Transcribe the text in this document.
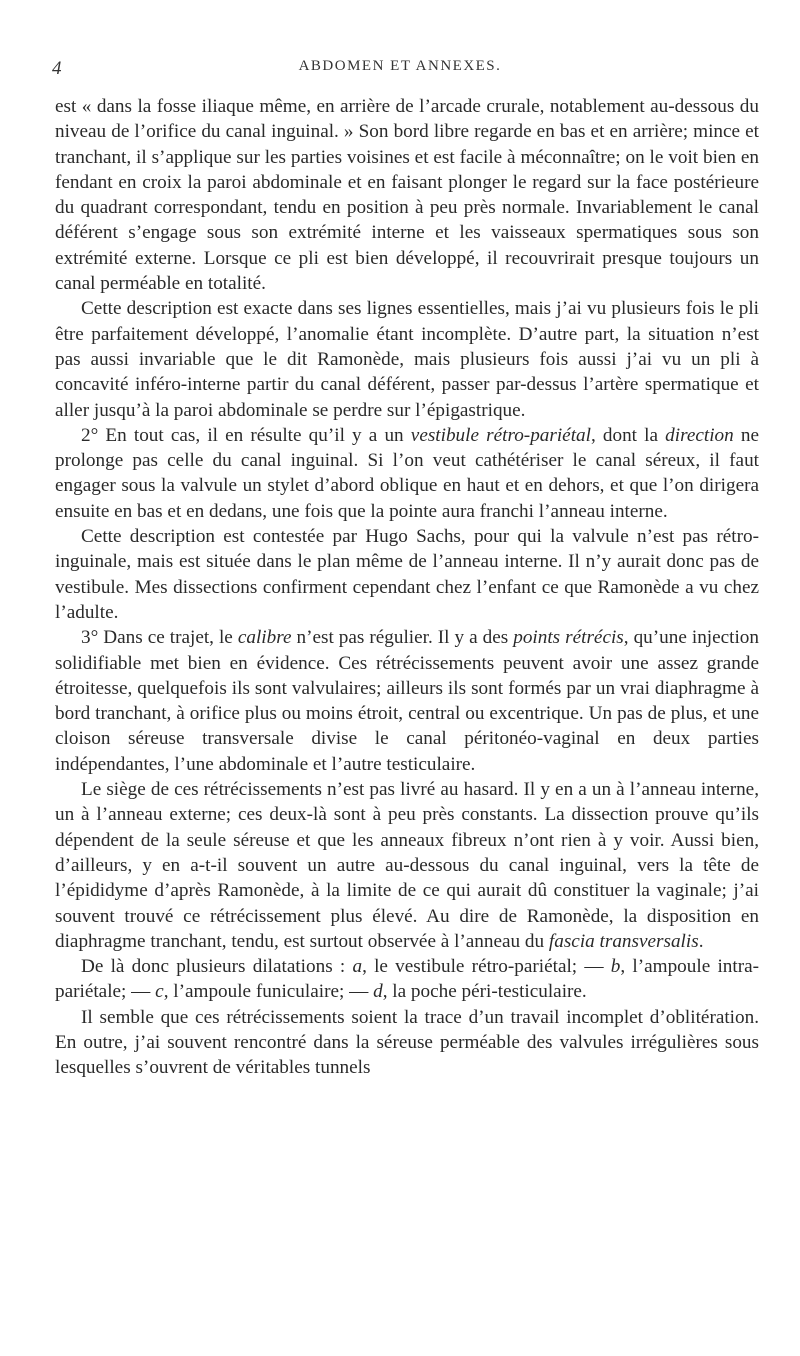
4	ABDOMEN ET ANNEXES.

est « dans la fosse iliaque même, en arrière de l’arcade crurale, notablement au-dessous du niveau de l’orifice du canal inguinal. » Son bord libre regarde en bas et en arrière; mince et tranchant, il s’applique sur les parties voisines et est facile à méconnaître; on le voit bien en fendant en croix la paroi abdominale et en faisant plonger le regard sur la face postérieure du quadrant correspondant, tendu en position à peu près normale. Invariablement le canal déférent s’engage sous son extrémité interne et les vaisseaux spermatiques sous son extrémité externe. Lorsque ce pli est bien développé, il recouvrirait presque toujours un canal perméable en totalité.

Cette description est exacte dans ses lignes essentielles, mais j’ai vu plusieurs fois le pli être parfaitement développé, l’anomalie étant incomplète. D’autre part, la situation n’est pas aussi invariable que le dit Ramonède, mais plusieurs fois aussi j’ai vu un pli à concavité inféro-interne partir du canal déférent, passer par-dessus l’artère spermatique et aller jusqu’à la paroi abdominale se perdre sur l’épigastrique.

2° En tout cas, il en résulte qu’il y a un vestibule rétro-pariétal, dont la direction ne prolonge pas celle du canal inguinal. Si l’on veut cathétériser le canal séreux, il faut engager sous la valvule un stylet d’abord oblique en haut et en dehors, et que l’on dirigera ensuite en bas et en dedans, une fois que la pointe aura franchi l’anneau interne.

Cette description est contestée par Hugo Sachs, pour qui la valvule n’est pas rétro-inguinale, mais est située dans le plan même de l’anneau interne. Il n’y aurait donc pas de vestibule. Mes dissections confirment cependant chez l’enfant ce que Ramonède a vu chez l’adulte.

3° Dans ce trajet, le calibre n’est pas régulier. Il y a des points rétrécis, qu’une injection solidifiable met bien en évidence. Ces rétrécissements peuvent avoir une assez grande étroitesse, quelquefois ils sont valvulaires; ailleurs ils sont formés par un vrai diaphragme à bord tranchant, à orifice plus ou moins étroit, central ou excentrique. Un pas de plus, et une cloison séreuse transversale divise le canal péritonéo-vaginal en deux parties indépendantes, l’une abdominale et l’autre testiculaire.

Le siège de ces rétrécissements n’est pas livré au hasard. Il y en a un à l’anneau interne, un à l’anneau externe; ces deux-là sont à peu près constants. La dissection prouve qu’ils dépendent de la seule séreuse et que les anneaux fibreux n’ont rien à y voir. Aussi bien, d’ailleurs, y en a-t-il souvent un autre au-dessous du canal inguinal, vers la tête de l’épididyme d’après Ramonède, à la limite de ce qui aurait dû constituer la vaginale; j’ai souvent trouvé ce rétrécissement plus élevé. Au dire de Ramonède, la disposition en diaphragme tranchant, tendu, est surtout observée à l’anneau du fascia transversalis.

De là donc plusieurs dilatations : a, le vestibule rétro-pariétal; — b, l’ampoule intra-pariétale; — c, l’ampoule funiculaire; — d, la poche péri-testiculaire.

Il semble que ces rétrécissements soient la trace d’un travail incomplet d’oblitération. En outre, j’ai souvent rencontré dans la séreuse perméable des valvules irrégulières sous lesquelles s’ouvrent de véritables tunnels
